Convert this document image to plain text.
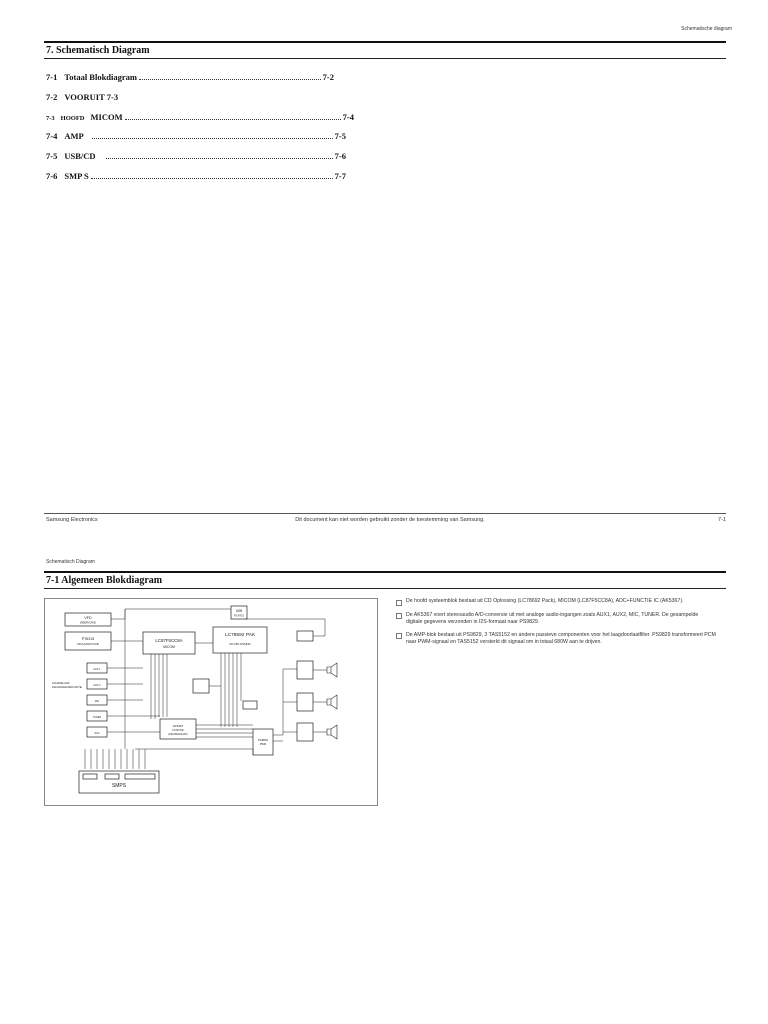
Schematische diagram
7. Schematisch Diagram
7-1 Totaal Blokdiagram	7-2
7-2 VOORUIT 7-3
7-3 HOOFD MICOM	7-4
7-4 AMP	7-5
7-5 USB/CD	7-6
7-6 SMP S	7-7
Samsung Electronics	Dit document kan niet worden gebruikt zonder de toestemming van Samsung.	7-1
Schematisch Diagram
7-1 Algemeen Blokdiagram
VFD
WEERGAVE
PT6315
VFD-AANSTUUR
LC87F5CC8A
MICOM
LC78692 PAK
CD-OPLOSSING
USB
FS-8T10
AK5367
FUNCTIE
(KEUZESCHAK)
PS9829
PWM
SCHAKELAAR
INGANGSKEUZE/FUNCTIE
AUX 1
AUX 2
MIC
TUNER
iPod
SMPS
De hoofd systeemblok bestaat uit CD Oplossing (LC78692 Pack), MICOM (LC87F5CC8A), ADC+FUNCTIE IC (AK5367).
De AK5367 voert stereoaudio A/D-conversie uit met analoge audio-ingangen zoals AUX1, AUX2, MIC, TUNER. De gesampelde digitale gegevens verzonden in I2S-formaat naar PS9829.
De AMP-blok bestaat uit PS9829, 3 TAS5152 en andere passieve componenten voor het laagdoorlaatfilter. PS9829 transformeert PCM naar PWM-signaal en TAS5152 versterkt dit signaal om in totaal 680W aan te drijven.
